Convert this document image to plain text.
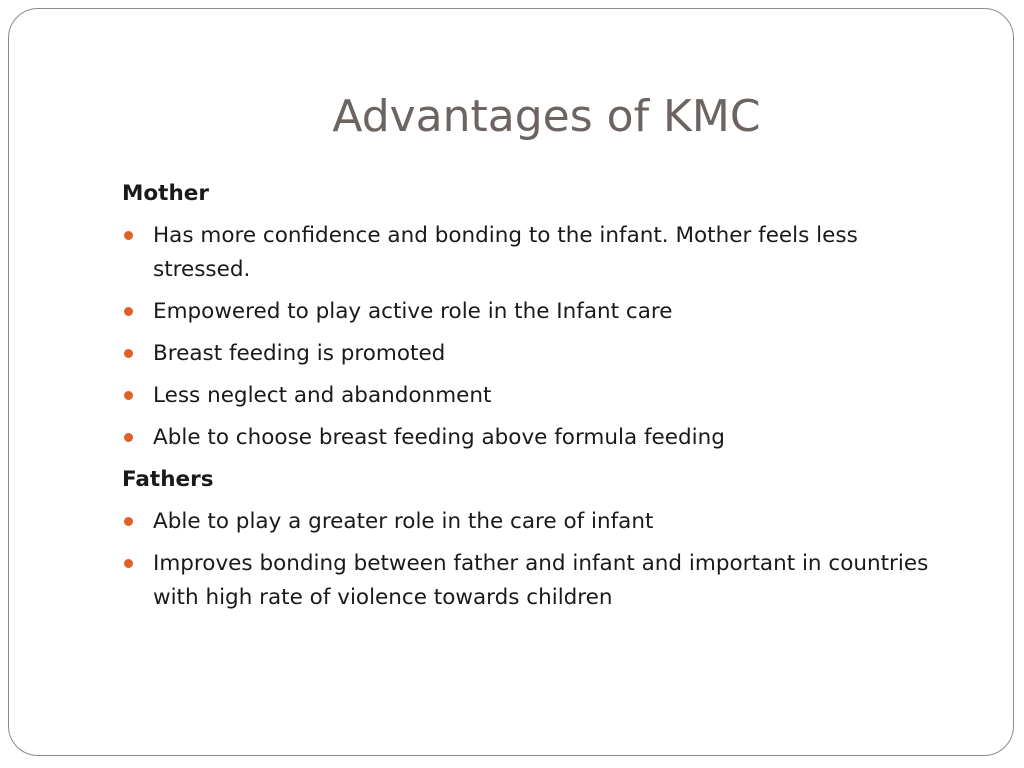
Advantages of KMC
Mother
Has more confidence and bonding to the infant. Mother feels less stressed.
Empowered to play active role in the Infant care
Breast feeding is promoted
Less neglect and abandonment
Able to choose breast feeding above formula feeding
Fathers
Able to play a greater role in the care of infant
Improves bonding between father and infant and important in countries with high rate of violence towards children
